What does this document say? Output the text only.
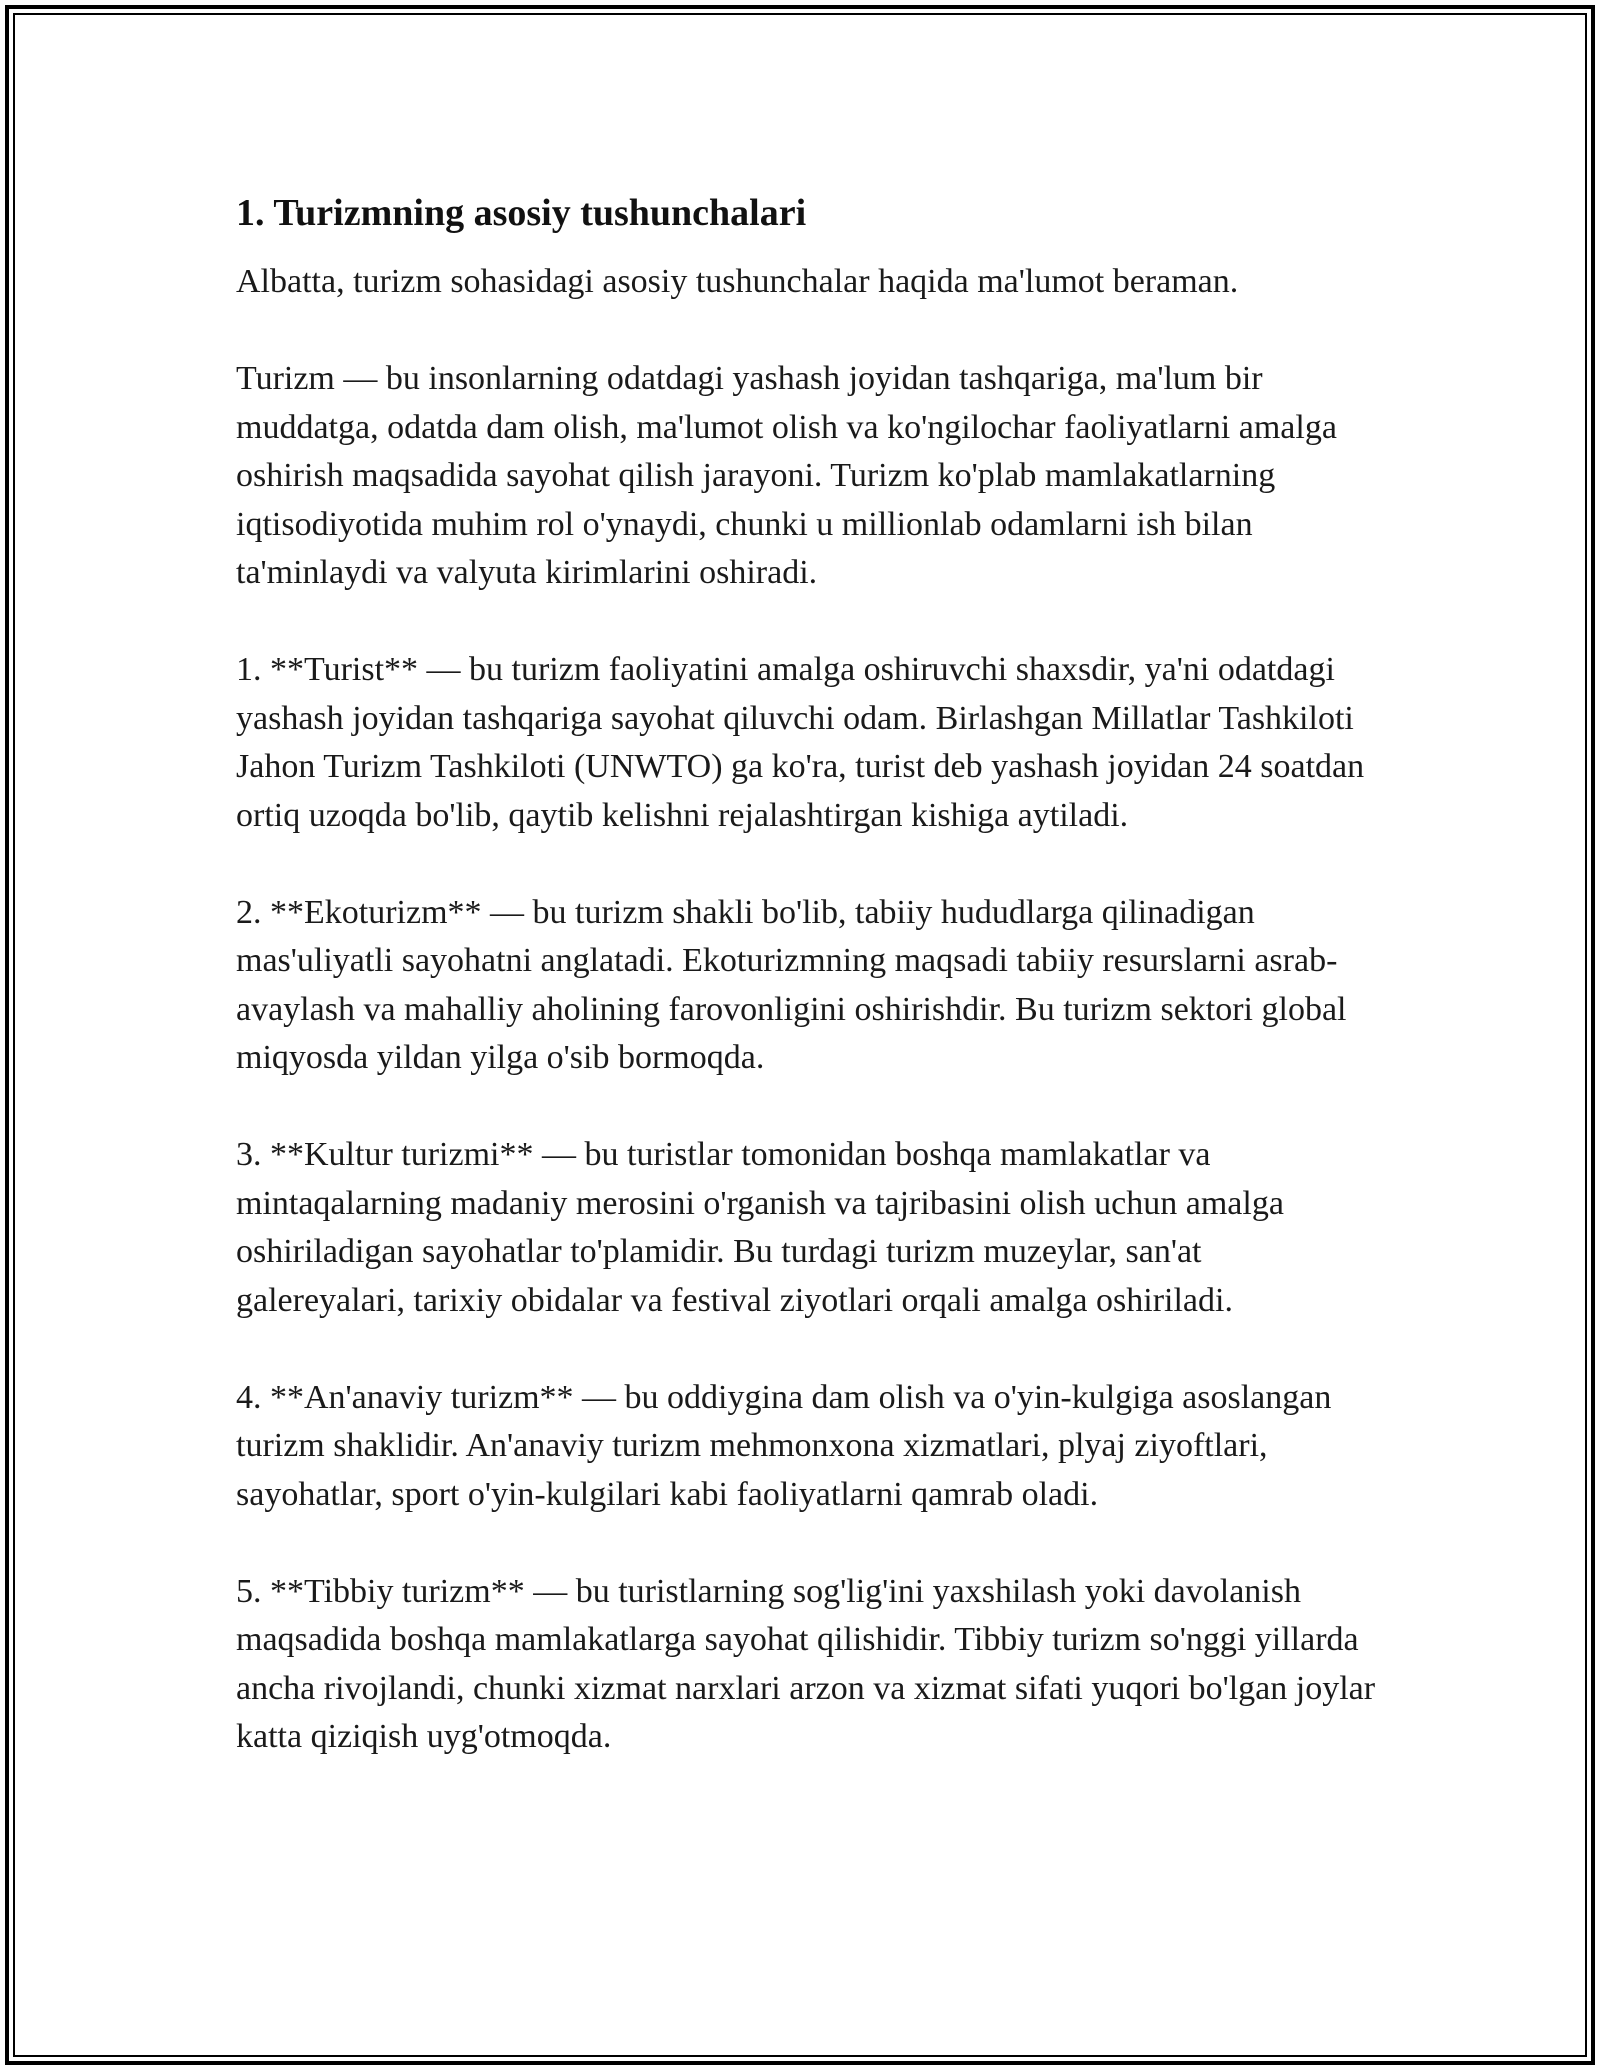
1. Turizmning asosiy tushunchalari

Albatta, turizm sohasidagi asosiy tushunchalar haqida ma'lumot beraman.

Turizm — bu insonlarning odatdagi yashash joyidan tashqariga, ma'lum bir muddatga, odatda dam olish, ma'lumot olish va ko'ngilochar faoliyatlarni amalga oshirish maqsadida sayohat qilish jarayoni. Turizm ko'plab mamlakatlarning iqtisodiyotida muhim rol o'ynaydi, chunki u millionlab odamlarni ish bilan ta'minlaydi va valyuta kirimlarini oshiradi.

1. **Turist** — bu turizm faoliyatini amalga oshiruvchi shaxsdir, ya'ni odatdagi yashash joyidan tashqariga sayohat qiluvchi odam. Birlashgan Millatlar Tashkiloti Jahon Turizm Tashkiloti (UNWTO) ga ko'ra, turist deb yashash joyidan 24 soatdan ortiq uzoqda bo'lib, qaytib kelishni rejalashtirgan kishiga aytiladi.

2. **Ekoturizm** — bu turizm shakli bo'lib, tabiiy hududlarga qilinadigan mas'uliyatli sayohatni anglatadi. Ekoturizmning maqsadi tabiiy resurslarni asrab-avaylash va mahalliy aholining farovonligini oshirishdir. Bu turizm sektori global miqyosda yildan yilga o'sib bormoqda.

3. **Kultur turizmi** — bu turistlar tomonidan boshqa mamlakatlar va mintaqalarning madaniy merosini o'rganish va tajribasini olish uchun amalga oshiriladigan sayohatlar to'plamidir. Bu turdagi turizm muzeylar, san'at galereyalari, tarixiy obidalar va festival ziyotlari orqali amalga oshiriladi.

4. **An'anaviy turizm** — bu oddiygina dam olish va o'yin-kulgiga asoslangan turizm shaklidir. An'anaviy turizm mehmonxona xizmatlari, plyaj ziyoftlari, sayohatlar, sport o'yin-kulgilari kabi faoliyatlarni qamrab oladi.

5. **Tibbiy turizm** — bu turistlarning sog'lig'ini yaxshilash yoki davolanish maqsadida boshqa mamlakatlarga sayohat qilishidir. Tibbiy turizm so'nggi yillarda ancha rivojlandi, chunki xizmat narxlari arzon va xizmat sifati yuqori bo'lgan joylar katta qiziqish uyg'otmoqda.
